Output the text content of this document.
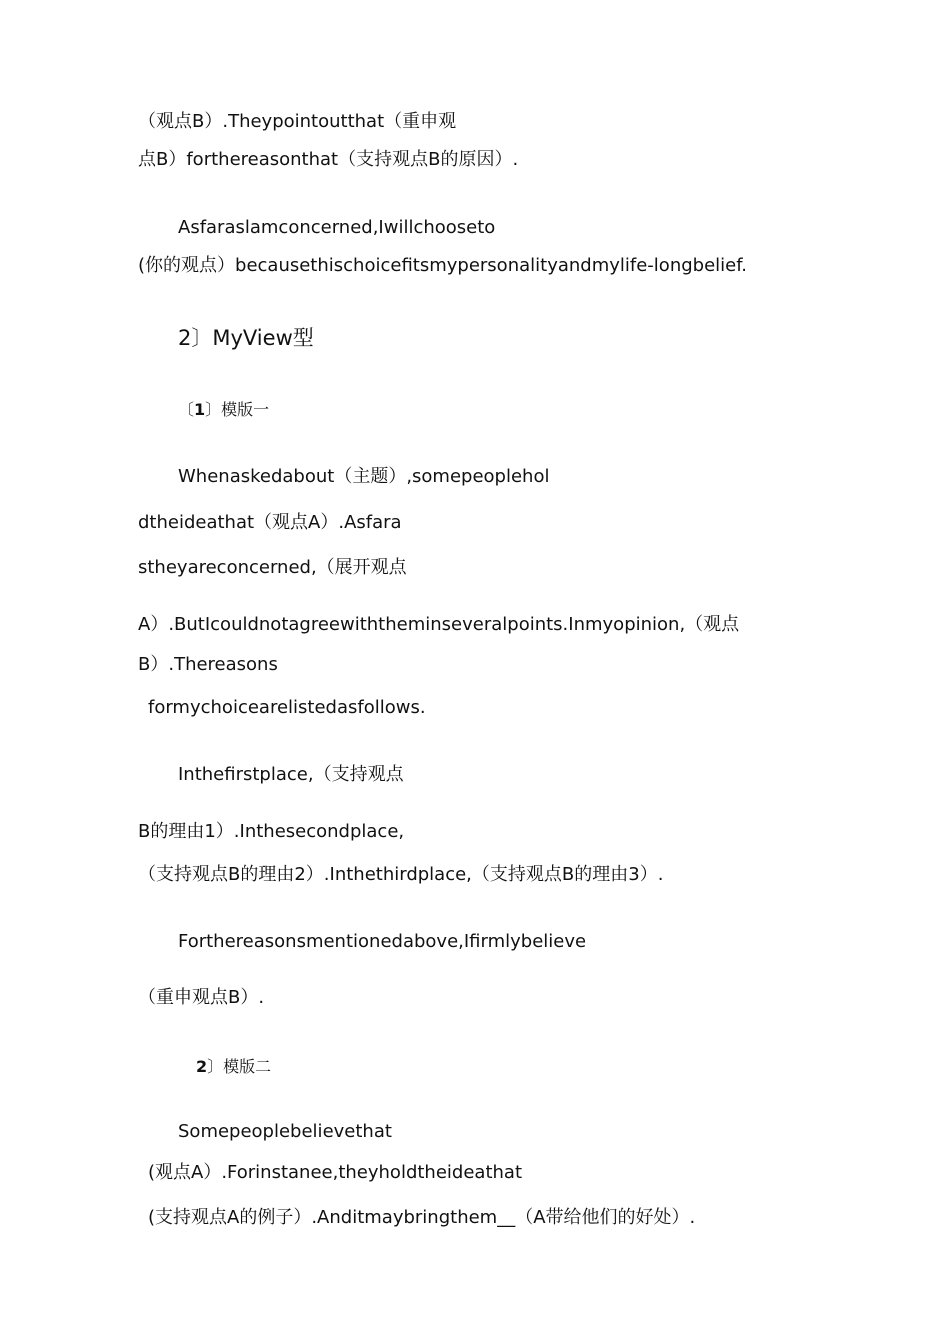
（观点B）.Theypointoutthat（重申观
点B）forthereasonthat（支持观点B的原因）.
Asfaraslamconcerned,Iwillchooseto
(你的观点）becausethischoicefitsmypersonalityandmylife-longbelief.
2〕MyView型
〔1〕模版一
Whenaskedabout（主题）,somepeoplehol
dtheideathat（观点A）.Asfara
stheyareconcerned,（展开观点
A）.ButIcouldnotagreewiththeminseveralpoints.Inmyopinion,（观点
B）.Thereasons
formychoicearelistedasfollows.
Inthefirstplace,（支持观点
B的理由1）.Inthesecondplace,
（支持观点B的理由2）.Inthethirdplace,（支持观点B的理由3）.
Forthereasonsmentionedabove,Ifirmlybelieve
（重申观点B）.
2〕模版二
Somepeoplebelievethat
(观点A）.Forinstanee,theyholdtheideathat
(支持观点A的例子）.Anditmaybringthem__（A带给他们的好处）.
